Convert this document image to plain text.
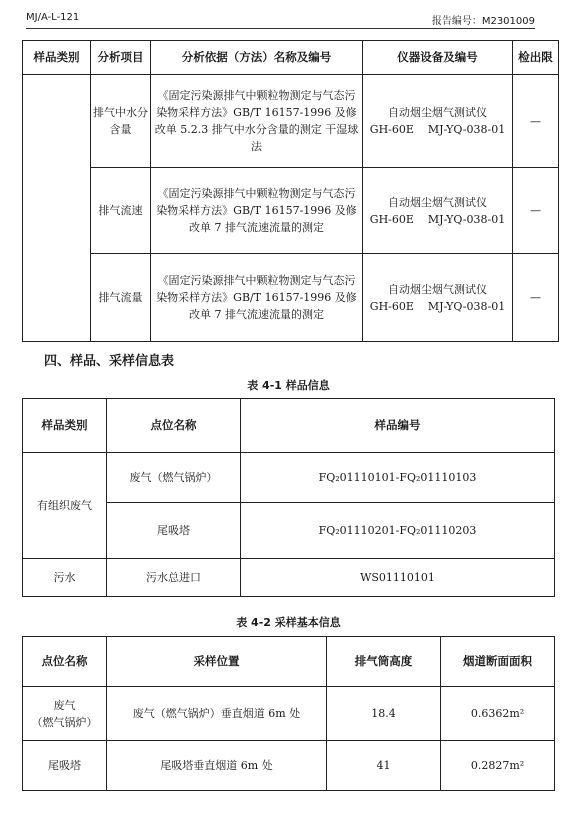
MJ/A-L-121	报告编号：M2301009
样品类别	分析项目	分析依据（方法）名称及编号	仪器设备及编号	检出限
	排气中水分含量	《固定污染源排气中颗粒物测定与气态污染物采样方法》GB/T 16157-1996 及修改单 5.2.3 排气中水分含量的测定 干湿球法	自动烟尘烟气测试仪
GH-60E    MJ-YQ-038-01	—
	排气流速	《固定污染源排气中颗粒物测定与气态污染物采样方法》GB/T 16157-1996 及修改单 7 排气流速流量的测定	自动烟尘烟气测试仪
GH-60E    MJ-YQ-038-01	—
	排气流量	《固定污染源排气中颗粒物测定与气态污染物采样方法》GB/T 16157-1996 及修改单 7 排气流速流量的测定	自动烟尘烟气测试仪
GH-60E    MJ-YQ-038-01	—
四、样品、采样信息表
表 4-1 样品信息
样品类别	点位名称	样品编号
有组织废气	废气（燃气锅炉）	FQ₂01110101-FQ₂01110103
	尾吸塔	FQ₂01110201-FQ₂01110203
污水	污水总进口	WS01110101
表 4-2 采样基本信息
点位名称	采样位置	排气筒高度	烟道断面面积

废气
（燃气锅炉）	废气（燃气锅炉）垂直烟道 6m 处	18.4	0.6362m²
尾吸塔	尾吸塔垂直烟道 6m 处	41	0.2827m²
